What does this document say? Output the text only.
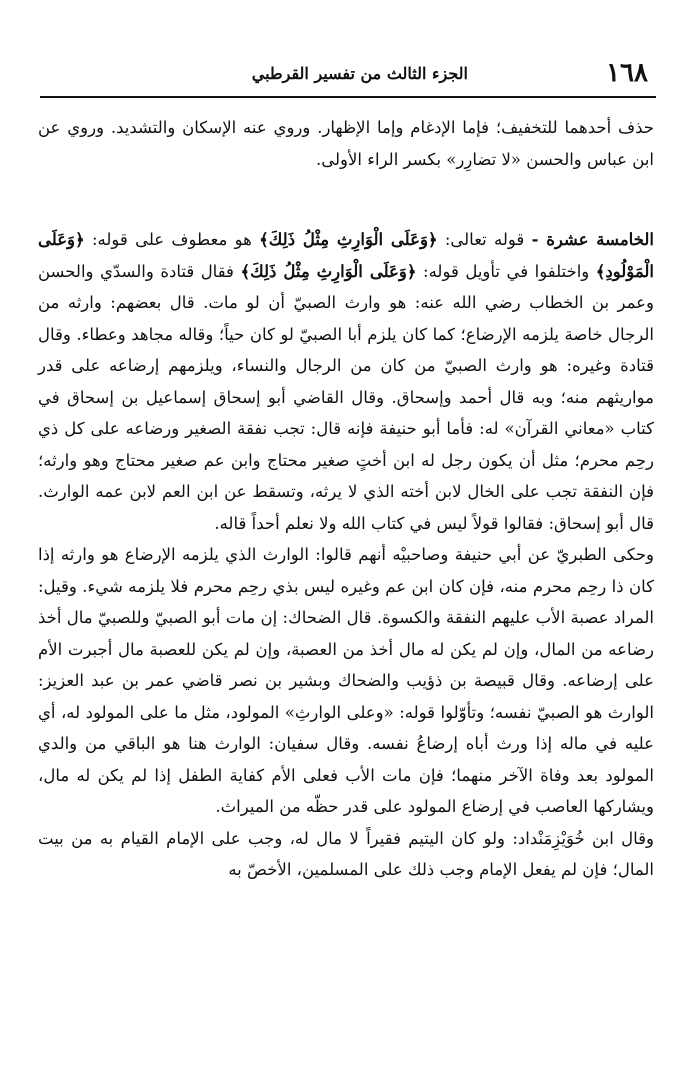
١٦٨
الجزء الثالث من تفسير القرطبي

حذف أحدهما للتخفيف؛ فإما الإدغام وإما الإظهار. وروي عنه الإسكان والتشديد. وروي عن ابن عباس والحسن «لا تضارِر» بكسر الراء الأولى.

الخامسة عشرة - قوله تعالى: ﴿وَعَلَى الْوَارِثِ مِثْلُ ذَلِكَ﴾ هو معطوف على قوله: ﴿وَعَلَى الْمَوْلُودِ﴾ واختلفوا في تأويل قوله: ﴿وَعَلَى الْوَارِثِ مِثْلُ ذَلِكَ﴾ فقال قتادة والسدّي والحسن وعمر بن الخطاب رضي الله عنه: هو وارث الصبيّ أن لو مات. قال بعضهم: وارثه من الرجال خاصة يلزمه الإرضاع؛ كما كان يلزم أبا الصبيّ لو كان حياً؛ وقاله مجاهد وعطاء. وقال قتادة وغيره: هو وارث الصبيّ من كان من الرجال والنساء، ويلزمهم إرضاعه على قدر مواريثهم منه؛ وبه قال أحمد وإسحاق. وقال القاضي أبو إسحاق إسماعيل بن إسحاق في كتاب «معاني القرآن» له: فأما أبو حنيفة فإنه قال: تجب نفقة الصغير ورضاعه على كل ذي رحِم محرم؛ مثل أن يكون رجل له ابن أختٍ صغير محتاج وابن عم صغير محتاج وهو وارثه؛ فإن النفقة تجب على الخال لابن أخته الذي لا يرثه، وتسقط عن ابن العم لابن عمه الوارث. قال أبو إسحاق: فقالوا قولاً ليس في كتاب الله ولا نعلم أحداً قاله.

وحكى الطبريّ عن أبي حنيفة وصاحبيْه أنهم قالوا: الوارث الذي يلزمه الإرضاع هو وارثه إذا كان ذا رحِم محرم منه، فإن كان ابن عم وغيره ليس بذي رحِم محرم فلا يلزمه شيء. وقيل: المراد عصبة الأب عليهم النفقة والكسوة. قال الضحاك: إن مات أبو الصبيّ وللصبيّ مال أخذ رضاعه من المال، وإن لم يكن له مال أخذ من العصبة، وإن لم يكن للعصبة مال أجبرت الأم على إرضاعه. وقال قبيصة بن ذؤيب والضحاك وبشير بن نصر قاضي عمر بن عبد العزيز: الوارث هو الصبيّ نفسه؛ وتأوّلوا قوله: «وعلى الوارثِ» المولود، مثل ما على المولود له، أي عليه في ماله إذا ورث أباه إرضاعُ نفسه. وقال سفيان: الوارث هنا هو الباقي من والدي المولود بعد وفاة الآخر منهما؛ فإن مات الأب فعلى الأم كفاية الطفل إذا لم يكن له مال، ويشاركها العاصب في إرضاع المولود على قدر حظّه من الميراث.

وقال ابن خُوَيْزِمَنْداد: ولو كان اليتيم فقيراً لا مال له، وجب على الإمام القيام به من بيت المال؛ فإن لم يفعل الإمام وجب ذلك على المسلمين، الأخصّ به
